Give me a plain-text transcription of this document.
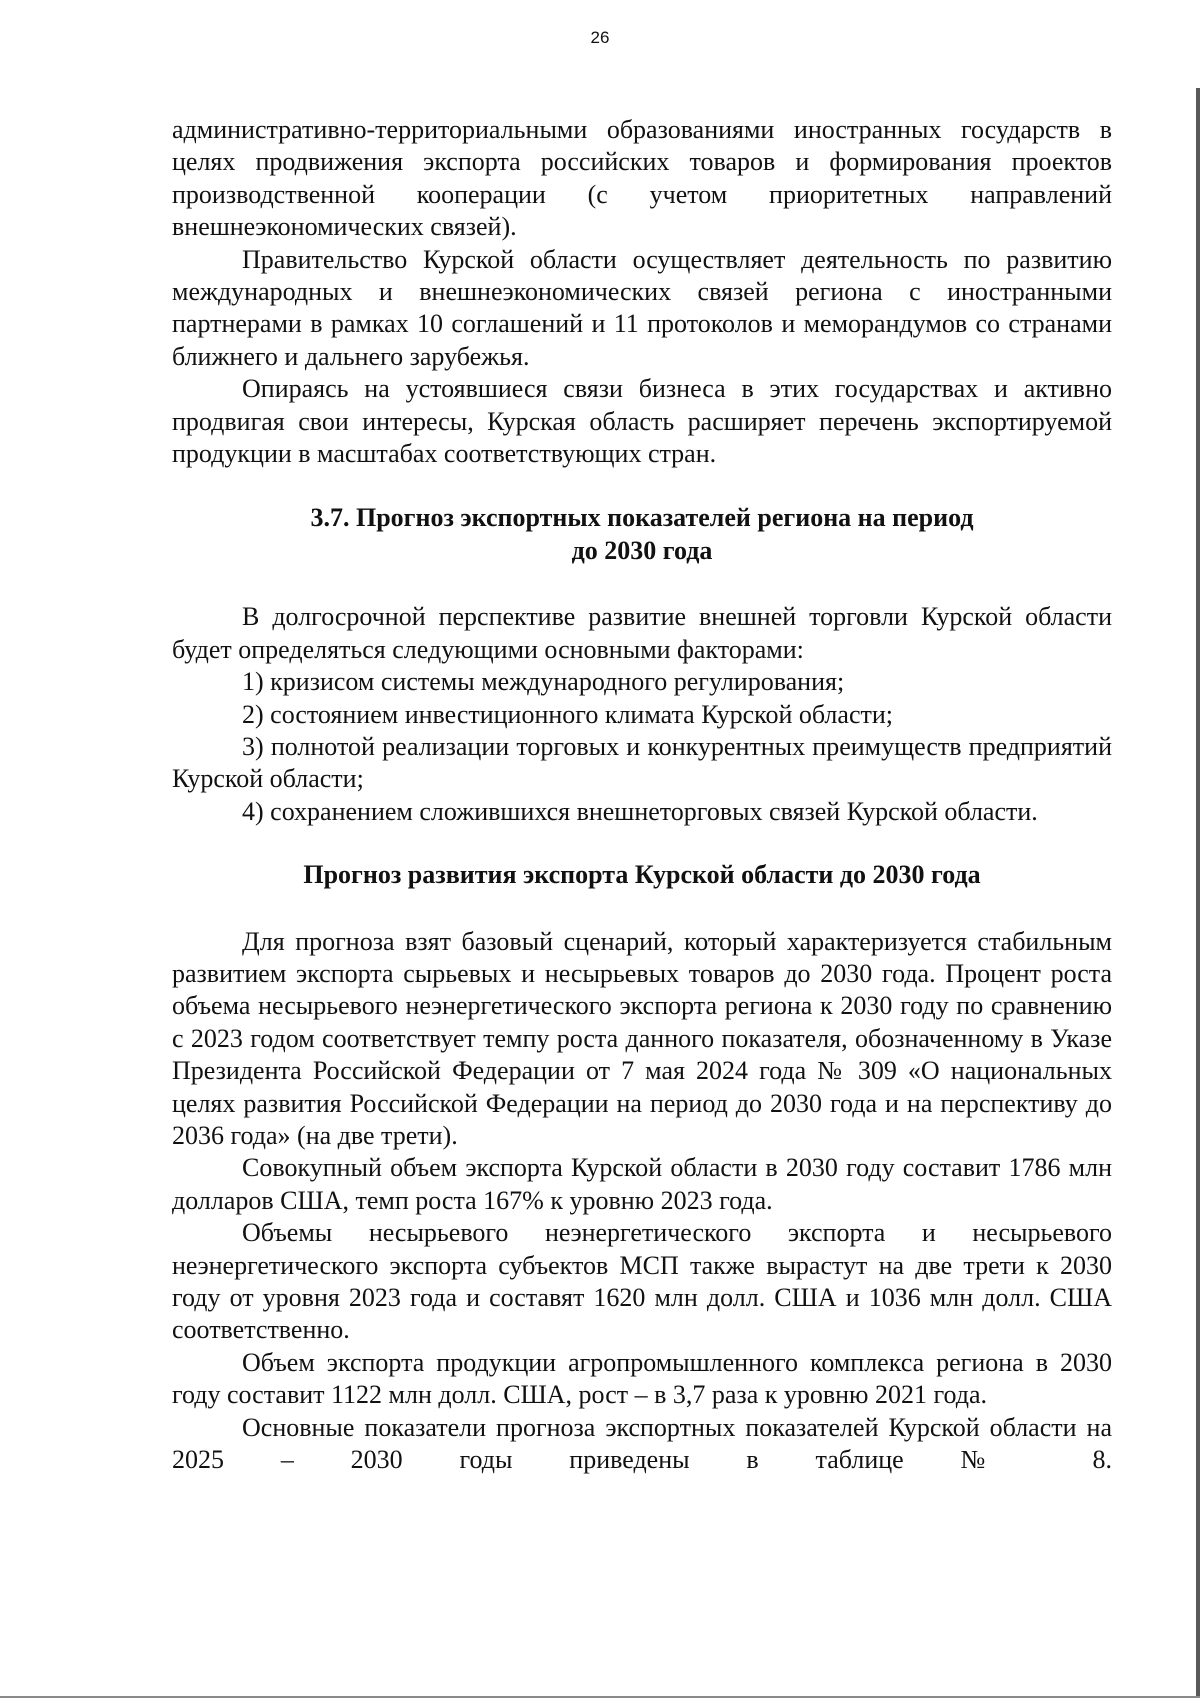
26

административно-территориальными образованиями иностранных государств в целях продвижения экспорта российских товаров и формирования проектов производственной кооперации (с учетом приоритетных направлений внешнеэкономических связей).

Правительство Курской области осуществляет деятельность по развитию международных и внешнеэкономических связей региона с иностранными партнерами в рамках 10 соглашений и 11 протоколов и меморандумов со странами ближнего и дальнего зарубежья.

Опираясь на устоявшиеся связи бизнеса в этих государствах и активно продвигая свои интересы, Курская область расширяет перечень экспортируемой продукции в масштабах соответствующих стран.

3.7. Прогноз экспортных показателей региона на период
до 2030 года

В долгосрочной перспективе развитие внешней торговли Курской области будет определяться следующими основными факторами:

1) кризисом системы международного регулирования;

2) состоянием инвестиционного климата Курской области;

3) полнотой реализации торговых и конкурентных преимуществ предприятий Курской области;

4) сохранением сложившихся внешнеторговых связей Курской области.

Прогноз развития экспорта Курской области до 2030 года

Для прогноза взят базовый сценарий, который характеризуется стабильным развитием экспорта сырьевых и несырьевых товаров до 2030 года. Процент роста объема несырьевого неэнергетического экспорта региона к 2030 году по сравнению с 2023 годом соответствует темпу роста данного показателя, обозначенному в Указе Президента Российской Федерации от 7 мая 2024 года № 309 «О национальных целях развития Российской Федерации на период до 2030 года и на перспективу до 2036 года» (на две трети).

Совокупный объем экспорта Курской области в 2030 году составит 1786 млн долларов США, темп роста 167% к уровню 2023 года.

Объемы несырьевого неэнергетического экспорта и несырьевого неэнергетического экспорта субъектов МСП также вырастут на две трети к 2030 году от уровня 2023 года и составят 1620 млн долл. США и 1036 млн долл. США соответственно.

Объем экспорта продукции агропромышленного комплекса региона в 2030 году составит 1122 млн долл. США, рост – в 3,7 раза к уровню 2021 года.

Основные показатели прогноза экспортных показателей Курской области на 2025 – 2030 годы приведены в таблице № 8.
